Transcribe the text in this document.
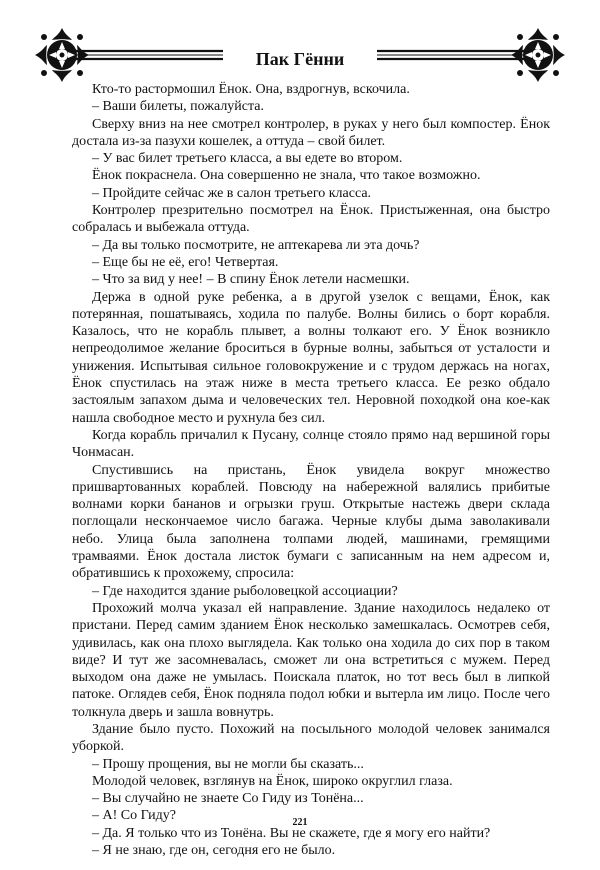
Пак Гённи

Кто-то растормошил Ёнок. Она, вздрогнув, вскочила.

– Ваши билеты, пожалуйста.

Сверху вниз на нее смотрел контролер, в руках у него был компостер. Ёнок достала из-за пазухи кошелек, а оттуда – свой билет.

– У вас билет третьего класса, а вы едете во втором.

Ёнок покраснела. Она совершенно не знала, что такое возможно.

– Пройдите сейчас же в салон третьего класса.

Контролер презрительно посмотрел на Ёнок. Пристыженная, она быстро собралась и выбежала оттуда.

– Да вы только посмотрите, не аптекарева ли эта дочь?

– Еще бы не её, его! Четвертая.

– Что за вид у нее! – В спину Ёнок летели насмешки.

Держа в одной руке ребенка, а в другой узелок с вещами, Ёнок, как потерянная, пошатываясь, ходила по палубе. Волны бились о борт корабля. Казалось, что не корабль плывет, а волны толкают его. У Ёнок возникло непреодолимое желание броситься в бурные волны, забыться от усталости и унижения. Испытывая сильное головокружение и с трудом держась на ногах, Ёнок спустилась на этаж ниже в места третьего класса. Ее резко обдало застоялым запахом дыма и человеческих тел. Неровной походкой она кое-как нашла свободное место и рухнула без сил.

Когда корабль причалил к Пусану, солнце стояло прямо над вершиной горы Чонмасан.

Спустившись на пристань, Ёнок увидела вокруг множество пришвартованных кораблей. Повсюду на набережной валялись прибитые волнами корки бананов и огрызки груш. Открытые настежь двери склада поглощали нескончаемое число багажа. Черные клубы дыма заволакивали небо. Улица была заполнена толпами людей, машинами, гремящими трамваями. Ёнок достала листок бумаги с записанным на нем адресом и, обратившись к прохожему, спросила:

– Где находится здание рыболовецкой ассоциации?

Прохожий молча указал ей направление. Здание находилось недалеко от пристани. Перед самим зданием Ёнок несколько замешкалась. Осмотрев себя, удивилась, как она плохо выглядела. Как только она ходила до сих пор в таком виде? И тут же засомневалась, сможет ли она встретиться с мужем. Перед выходом она даже не умылась. Поискала платок, но тот весь был в липкой патоке. Оглядев себя, Ёнок подняла подол юбки и вытерла им лицо. После чего толкнула дверь и зашла вовнутрь.

Здание было пусто. Похожий на посыльного молодой человек занимался уборкой.

– Прошу прощения, вы не могли бы сказать...

Молодой человек, взглянув на Ёнок, широко округлил глаза.

– Вы случайно не знаете Со Гиду из Тонёна...

– А! Со Гиду?

– Да. Я только что из Тонёна. Вы не скажете, где я могу его найти?

– Я не знаю, где он, сегодня его не было.

221
